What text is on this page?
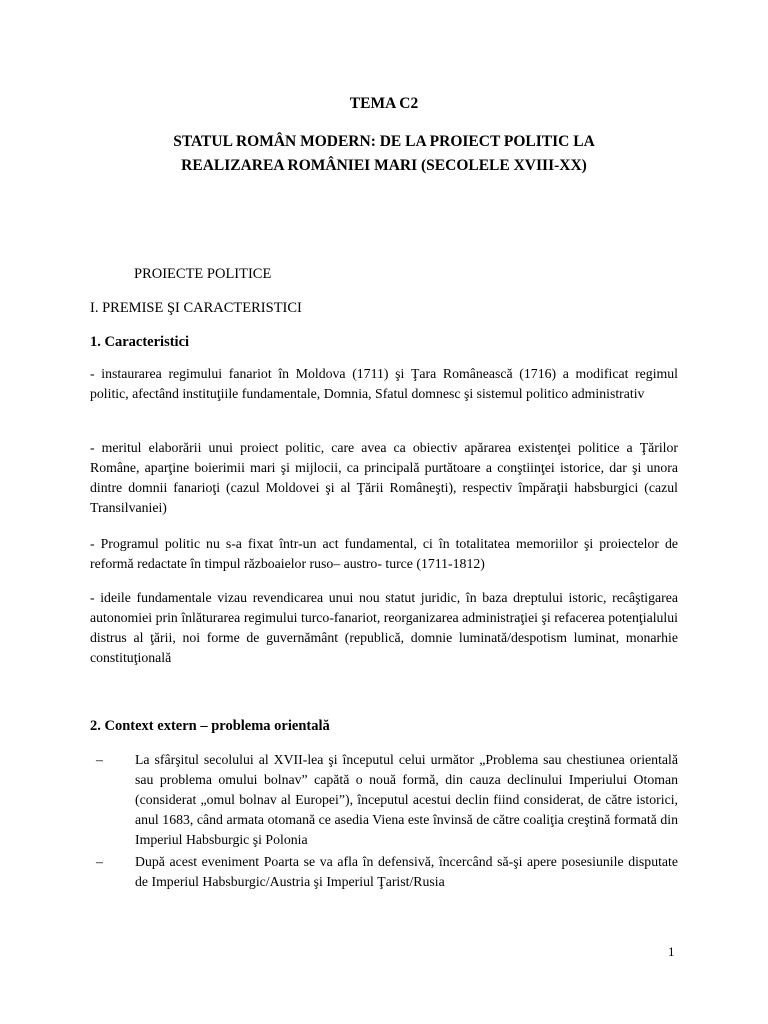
TEMA C2
STATUL ROMÂN MODERN: DE LA PROIECT POLITIC LA
REALIZAREA ROMÂNIEI MARI (SECOLELE XVIII-XX)
PROIECTE POLITICE
I. PREMISE ŞI CARACTERISTICI
1. Caracteristici
- instaurarea regimului fanariot în Moldova (1711) şi Ţara Românească (1716) a modificat regimul politic, afectând instituţiile fundamentale, Domnia, Sfatul domnesc şi sistemul politico administrativ
- meritul elaborării unui proiect politic, care avea ca obiectiv apărarea existenţei politice a Ţărilor Române, aparţine boierimii mari şi mijlocii, ca principală purtătoare a conştiinţei istorice, dar şi unora dintre domnii fanarioţi (cazul Moldovei şi al Ţării Româneşti), respectiv împăraţii habsburgici (cazul Transilvaniei)
- Programul politic nu s-a fixat într-un act fundamental, ci în totalitatea memoriilor şi proiectelor de reformă redactate în timpul războaielor ruso– austro- turce (1711-1812)
- ideile fundamentale vizau revendicarea unui nou statut juridic, în baza dreptului istoric, recâştigarea autonomiei prin înlăturarea regimului turco-fanariot, reorganizarea administraţiei şi refacerea potenţialului distrus al ţării, noi forme de guvernământ (republică, domnie luminată/despotism luminat, monarhie constituţională
2. Context extern – problema orientală
– La sfârşitul secolului al XVII-lea şi începutul celui următor „Problema sau chestiunea orientală sau problema omului bolnav” capătă o nouă formă, din cauza declinului Imperiului Otoman (considerat „omul bolnav al Europei”), începutul acestui declin fiind considerat, de către istorici, anul 1683, când armata otomană ce asedia Viena este învinsă de către coaliţia creştină formată din Imperiul Habsburgic şi Polonia
– După acest eveniment Poarta se va afla în defensivă, încercând să-şi apere posesiunile disputate de Imperiul Habsburgic/Austria şi Imperiul Ţarist/Rusia
1
